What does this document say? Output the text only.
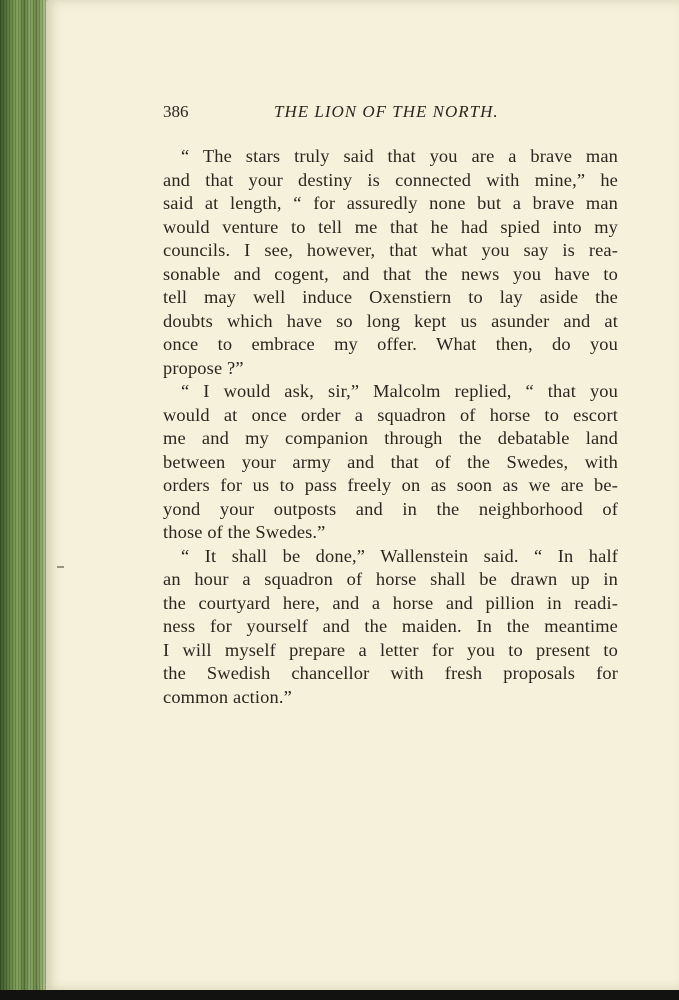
386	THE LION OF THE NORTH.
“ The stars truly said that you are a brave man
and that your destiny is connected with mine,” he
said at length, “ for assuredly none but a brave man
would venture to tell me that he had spied into my
councils. I see, however, that what you say is rea-
sonable and cogent, and that the news you have to
tell may well induce Oxenstiern to lay aside the
doubts which have so long kept us asunder and at
once to embrace my offer. What then, do you
propose ?”
“ I would ask, sir,” Malcolm replied, “ that you
would at once order a squadron of horse to escort
me and my companion through the debatable land
between your army and that of the Swedes, with
orders for us to pass freely on as soon as we are be-
yond your outposts and in the neighborhood of
those of the Swedes.”
“ It shall be done,” Wallenstein said. “ In half
an hour a squadron of horse shall be drawn up in
the courtyard here, and a horse and pillion in readi-
ness for yourself and the maiden. In the meantime
I will myself prepare a letter for you to present to
the Swedish chancellor with fresh proposals for
common action.”
